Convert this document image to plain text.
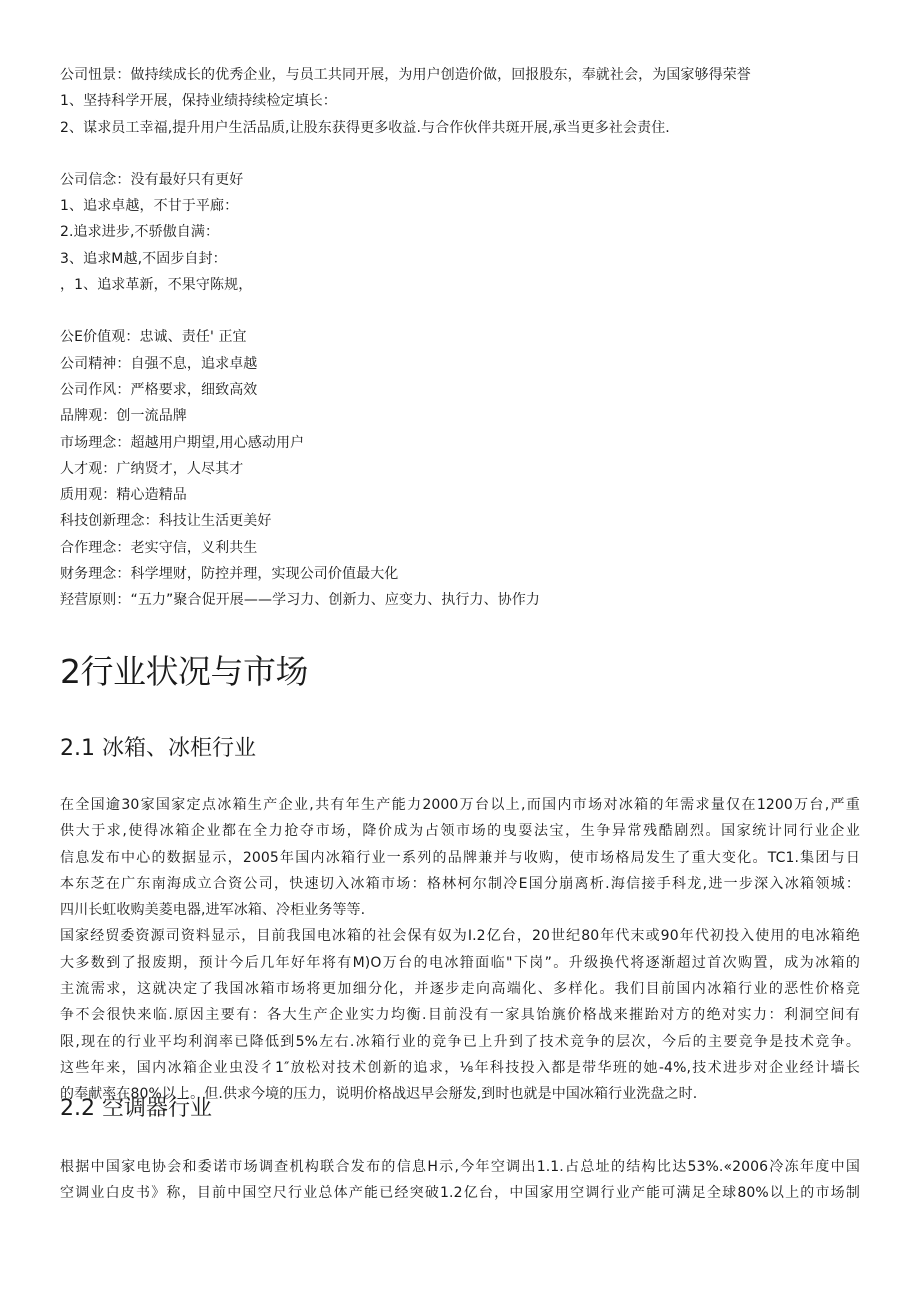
公司忸景：做持续成长的优秀企业，与员工共同开展，为用户创造价做，回报股东，奉就社会，为国家够得荣誉
1、坚持科学开展，保持业绩持续检定填长：
2、谋求员工幸福,提升用户生活品质,让股东获得更多收益.与合作伙伴共斑开展,承当更多社会责住.
公司信念：没有最好只有更好
1、追求卓越，不甘于平廊：
2.追求进步,不骄傲自满：
3、追求M越,不固步自封：
，1、追求革新，不果守陈规，
公E价值观：忠诚、责任' 正宜
公司精神：自强不息，追求卓越
公司作风：严格要求，细致高效
品牌观：创一流品牌
市场理念：超越用户期望,用心感动用户
人才观：广纳贤才，人尽其才
质用观：精心造精品
科技创新理念：科技让生活更美好
合作理念：老实守信，义利共生
财务理念：科学埋财，防控并理，实现公司价值最大化
羟营原则：“五力”聚合促开展——学习力、创新力、应变力、执行力、协作力
2行业状况与市场
2.1 冰箱、冰柜行业
在全国逾30家国家定点冰箱生产企业,共有年生产能力2000万台以上,而国内市场对冰箱的年需求量仅在1200万台,严重
供大于求,使得冰箱企业都在全力抢夺市场，降价成为占领市场的曳耍法宝，生争异常残酷剧烈。国家统计同行业企业
信息发布中心的数据显示，2005年国内冰箱行业一系列的品牌兼并与收购，使市场格局发生了重大变化。TC1.集团与日
本东芝在广东南海成立合资公司，快速切入冰箱市场：格林柯尔制冷E国分崩离析.海信接手科龙,进一步深入冰箱领城：
四川长虹收购美菱电器,进军冰箱、冷柜业务等等.
国家经贸委资源司资料显示，目前我国电冰箱的社会保有奴为I.2亿台，20世纪80年代末或90年代初投入使用的电冰箱绝
大多数到了报废期，预计今后几年好年将有M)O万台的电冰箝面临"下岗”。升级换代将逐渐超过首次购置，成为冰箱的
主流需求，这就决定了我国冰箱市场将更加细分化，并逐步走向高端化、多样化。我们目前国内冰箱行业的恶性价格竞
争不会很快来临.原因主要有：各大生产企业实力均衡.目前没有一家具饴旐价格战来摧跆对方的绝对实力：利洞空间有
限,现在的行业平均利润率已降低到5%左右.冰箱行业的竞争已上升到了技术竞争的层次，今后的主要竞争是技术竞争。
这些年来，国内冰箱企业虫没彳1″放松对技术创新的追求，⅛年科技投入都是带华班的她-4%,技术进步对企业经计墙长
的奉献率在80%以上。但.供求今境的压力，说明价格战迟早会掰发,到时也就是中国冰箱行业洗盘之时.
2.2 空调器行业
根据中国家电协会和委诺市场调查机构联合发布的信息H示,今年空调出1.1.占总址的结构比达53%.«2006冷冻年度中国
空调业白皮书》称，目前中国空尺行业总体产能已经突破1.2亿台，中国家用空调行业产能可满足全球80%以上的市场制
